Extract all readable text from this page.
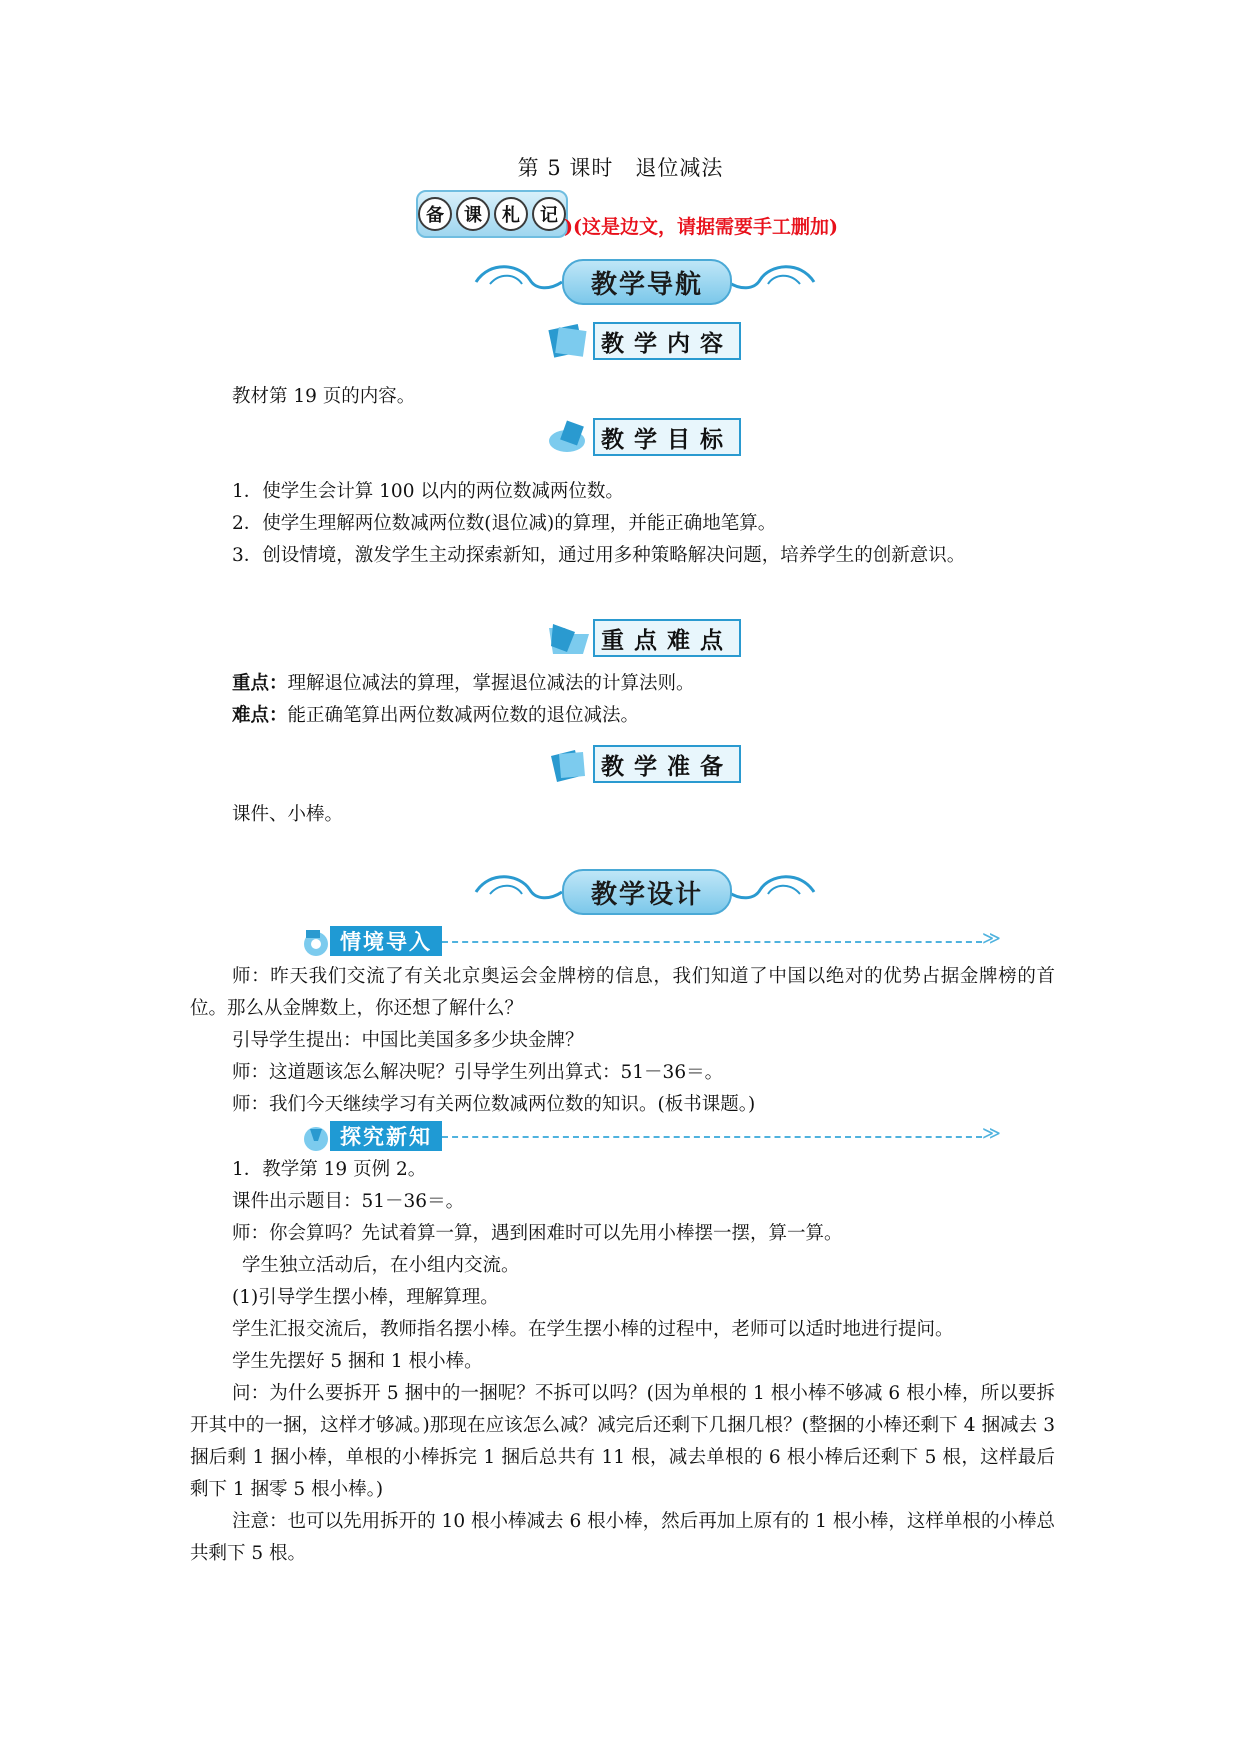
第 5 课时　退位减法
备	课	札	记
)(这是边文，请据需要手工删加)
教学导航
教学内容
教材第 19 页的内容。
教学目标
1．使学生会计算 100 以内的两位数减两位数。
2．使学生理解两位数减两位数(退位减)的算理，并能正确地笔算。
3．创设情境，激发学生主动探索新知，通过用多种策略解决问题，培养学生的创新意识。
重点难点
重点：理解退位减法的算理，掌握退位减法的计算法则。
难点：能正确笔算出两位数减两位数的退位减法。
教学准备
课件、小棒。
教学设计
情境导入	≫
师：昨天我们交流了有关北京奥运会金牌榜的信息，我们知道了中国以绝对的优势占据金牌榜的首位。那么从金牌数上，你还想了解什么？
引导学生提出：中国比美国多多少块金牌？
师：这道题该怎么解决呢？引导学生列出算式：51－36＝。
师：我们今天继续学习有关两位数减两位数的知识。(板书课题。)
探究新知	≫
1．教学第 19 页例 2。
课件出示题目：51－36＝。
师：你会算吗？先试着算一算，遇到困难时可以先用小棒摆一摆，算一算。
学生独立活动后，在小组内交流。
(1)引导学生摆小棒，理解算理。
学生汇报交流后，教师指名摆小棒。在学生摆小棒的过程中，老师可以适时地进行提问。
学生先摆好 5 捆和 1 根小棒。
问：为什么要拆开 5 捆中的一捆呢？不拆可以吗？(因为单根的 1 根小棒不够减 6 根小棒，所以要拆开其中的一捆，这样才够减。)那现在应该怎么减？减完后还剩下几捆几根？(整捆的小棒还剩下 4 捆减去 3 捆后剩 1 捆小棒，单根的小棒拆完 1 捆后总共有 11 根，减去单根的 6 根小棒后还剩下 5 根，这样最后剩下 1 捆零 5 根小棒。)
注意：也可以先用拆开的 10 根小棒减去 6 根小棒，然后再加上原有的 1 根小棒，这样单根的小棒总共剩下 5 根。
